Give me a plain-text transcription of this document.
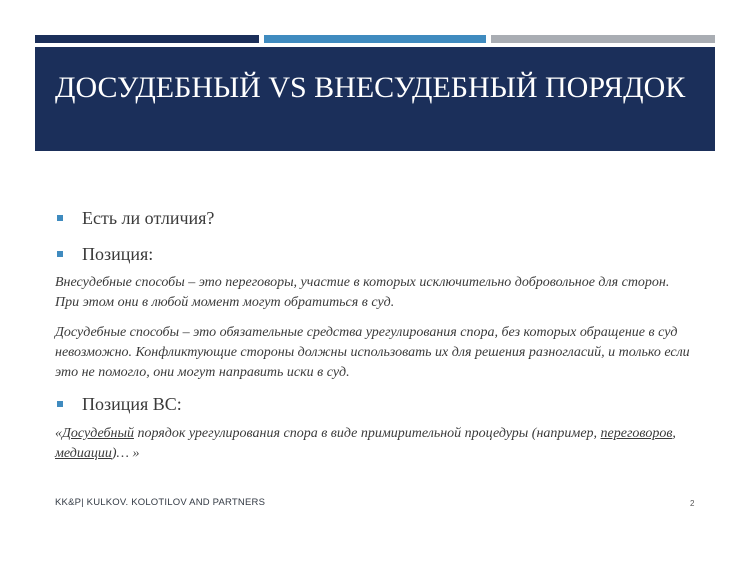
ДОСУДЕБНЫЙ VS ВНЕСУДЕБНЫЙ ПОРЯДОК
Есть ли отличия?
Позиция:

Внесудебные способы – это переговоры, участие в которых исключительно добровольное для сторон. При этом они в любой момент могут обратиться в суд.

Досудебные способы – это обязательные средства урегулирования спора, без которых обращение в суд невозможно. Конфликтующие стороны должны использовать их для решения разногласий, и только если это не помогло, они могут направить иски в суд.

Позиция ВС:

«Досудебный порядок урегулирования спора в виде примирительной процедуры (например, переговоров, медиации)… »

KK&P| KULKOV. KOLOTILOV AND PARTNERS	2
